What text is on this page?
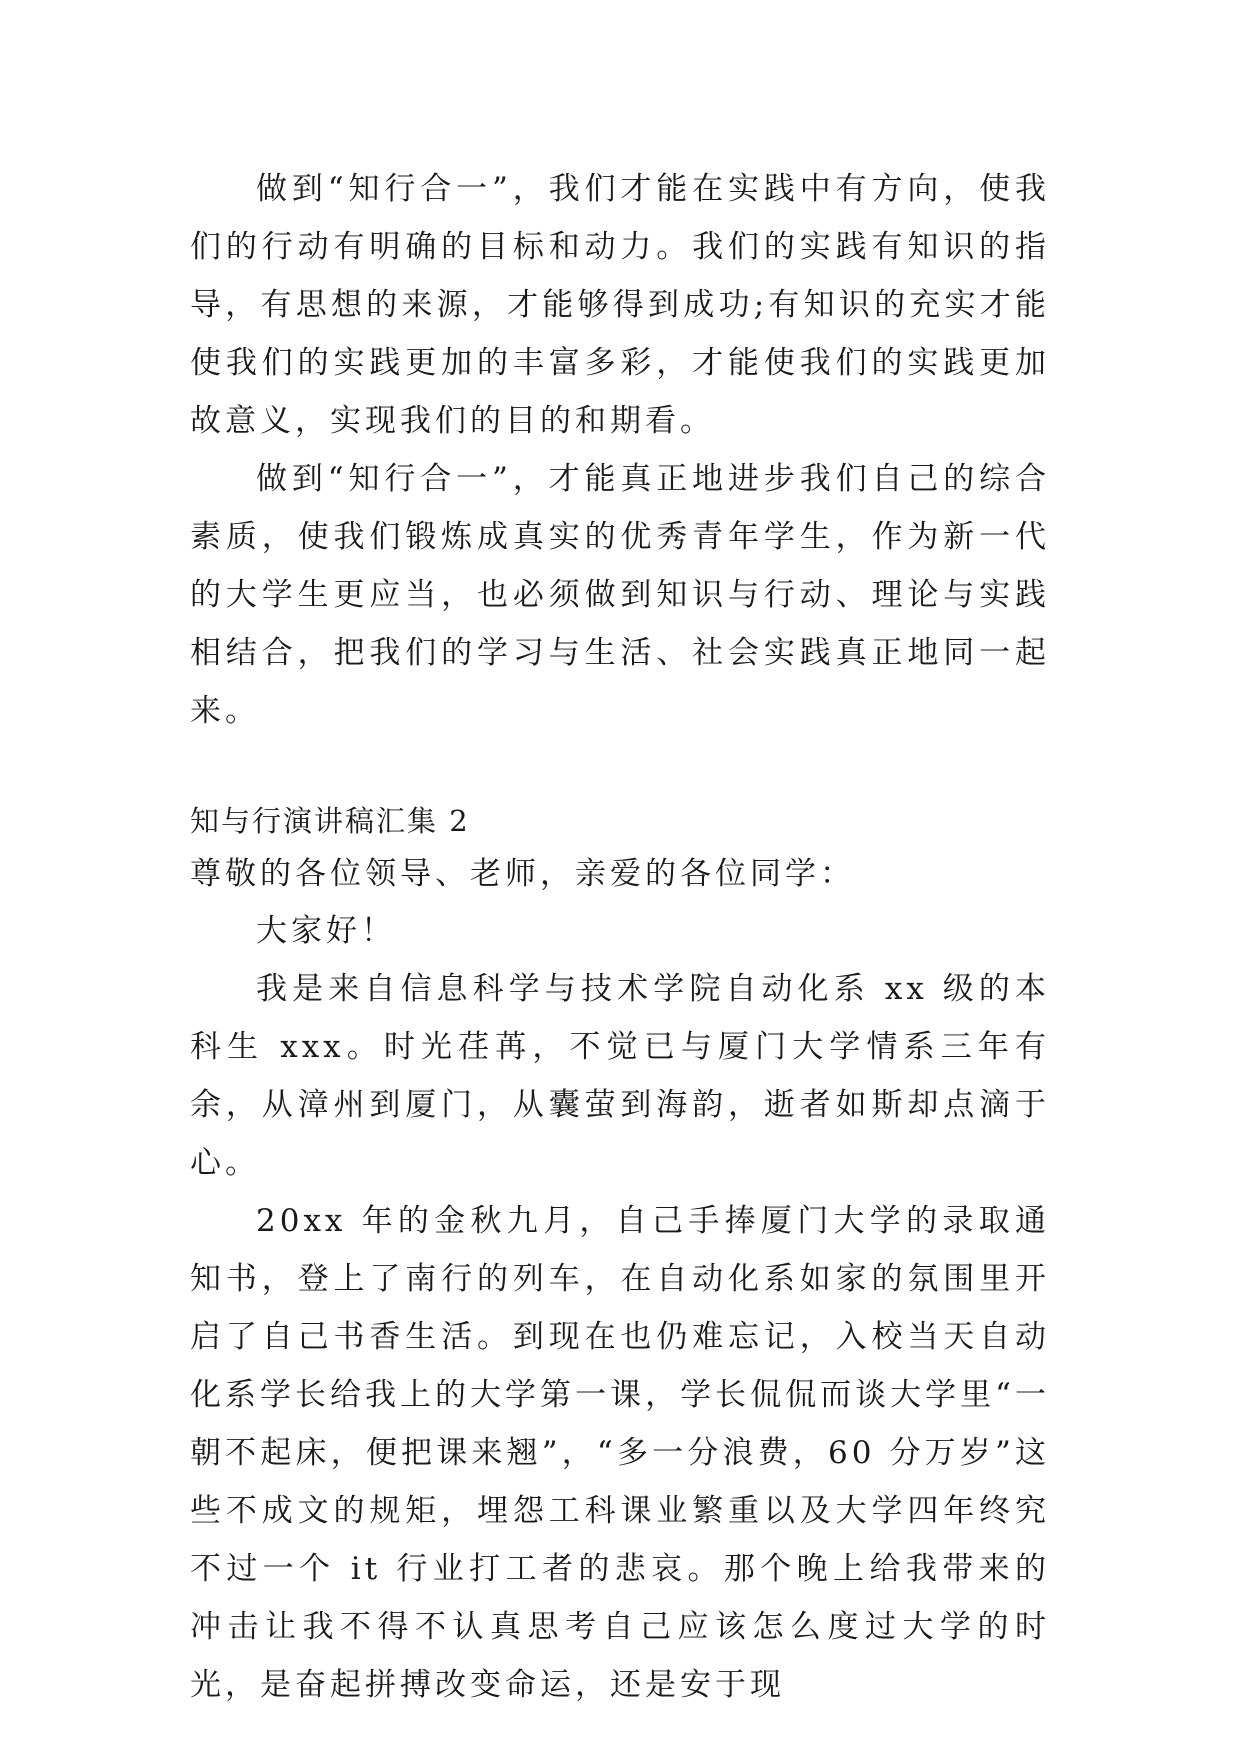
做到“知行合一”，我们才能在实践中有方向，使我们的行动有明确的目标和动力。我们的实践有知识的指导，有思想的来源，才能够得到成功;有知识的充实才能使我们的实践更加的丰富多彩，才能使我们的实践更加故意义，实现我们的目的和期看。

做到“知行合一”，才能真正地进步我们自己的综合素质，使我们锻炼成真实的优秀青年学生，作为新一代的大学生更应当，也必须做到知识与行动、理论与实践相结合，把我们的学习与生活、社会实践真正地同一起来。

知与行演讲稿汇集 2

尊敬的各位领导、老师，亲爱的各位同学：

大家好！

我是来自信息科学与技术学院自动化系 xx 级的本科生 xxx。时光荏苒，不觉已与厦门大学情系三年有余，从漳州到厦门，从囊萤到海韵，逝者如斯却点滴于心。

20xx 年的金秋九月，自己手捧厦门大学的录取通知书，登上了南行的列车，在自动化系如家的氛围里开启了自己书香生活。到现在也仍难忘记，入校当天自动化系学长给我上的大学第一课，学长侃侃而谈大学里“一朝不起床，便把课来翘”，“多一分浪费，60 分万岁”这些不成文的规矩，埋怨工科课业繁重以及大学四年终究不过一个 it 行业打工者的悲哀。那个晚上给我带来的冲击让我不得不认真思考自己应该怎么度过大学的时光，是奋起拼搏改变命运，还是安于现
